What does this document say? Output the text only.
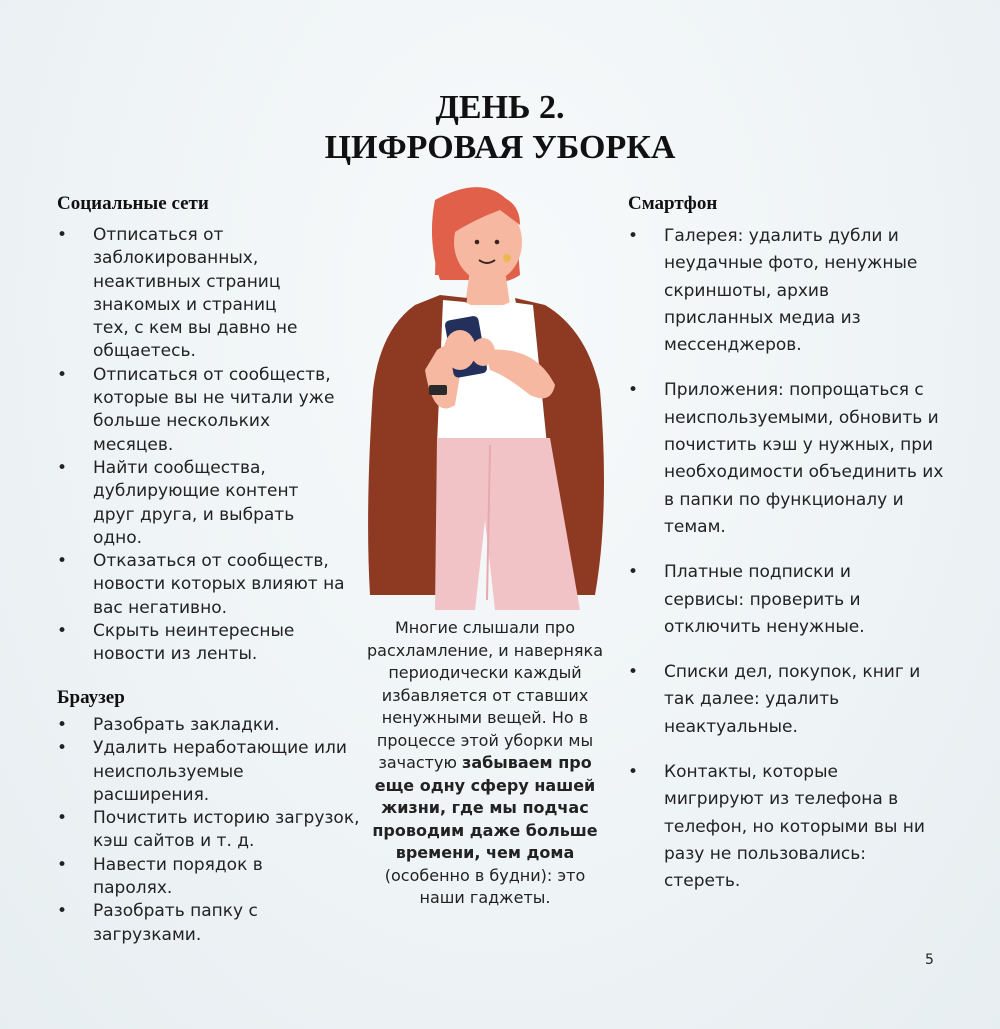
ДЕНЬ 2.
ЦИФРОВАЯ УБОРКА
Социальные сети
• Отписаться от заблокированных, неактивных страниц знакомых и страниц тех, с кем вы давно не общаетесь.
• Отписаться от сообществ, которые вы не читали уже больше нескольких месяцев.
• Найти сообщества, дублирующие контент друг друга, и выбрать одно.
• Отказаться от сообществ, новости которых влияют на вас негативно.
• Скрыть неинтересные новости из ленты.
Браузер
• Разобрать закладки.
• Удалить неработающие или неиспользуемые расширения.
• Почистить историю загрузок, кэш сайтов и т. д.
• Навести порядок в паролях.
• Разобрать папку с загрузками.
Смартфон
• Галерея: удалить дубли и неудачные фото, ненужные скриншоты, архив присланных медиа из мессенджеров.
• Приложения: попрощаться с неиспользуемыми, обновить и почистить кэш у нужных, при необходимости объединить их в папки по функционалу и темам.
• Платные подписки и сервисы: проверить и отключить ненужные.
• Списки дел, покупок, книг и так далее: удалить неактуальные.
• Контакты, которые мигрируют из телефона в телефон, но которыми вы ни разу не пользовались: стереть.
Многие слышали про расхламление, и наверняка периодически каждый избавляется от ставших ненужными вещей. Но в процессе этой уборки мы зачастую забываем про еще одну сферу нашей жизни, где мы подчас проводим даже больше времени, чем дома (особенно в будни): это наши гаджеты.
5
